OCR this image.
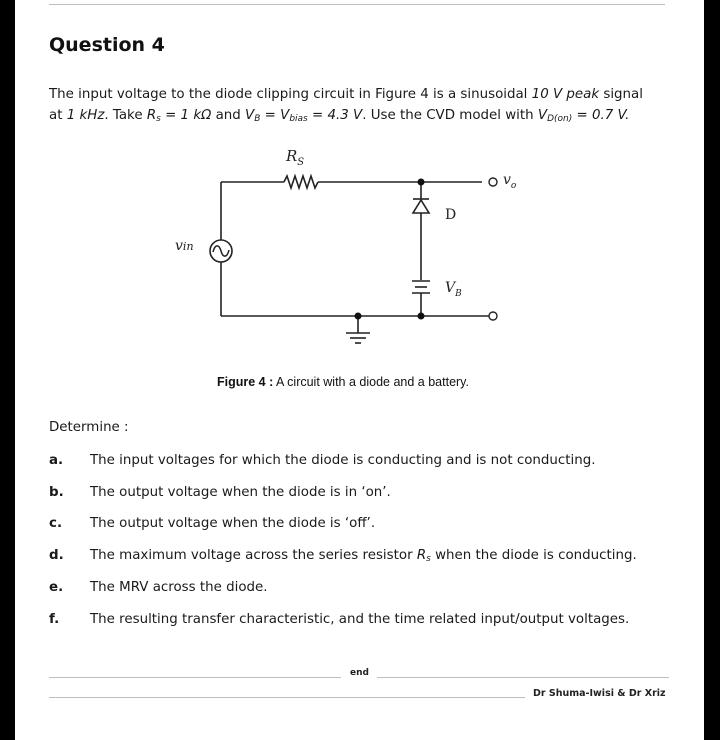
Question 4
The input voltage to the diode clipping circuit in Figure 4 is a sinusoidal 10 V peak signal
at 1 kHz. Take $R_s = 1$ kΩ and $V_B = V_{bias} = 4.3$ V. Use the CVD model with $V_{D(on)} = 0.7$ V.
$R_S$
vin
$v_o$
D
$V_B$
Figure 4 : A circuit with a diode and a battery.
Determine :
a. The input voltages for which the diode is conducting and is not conducting.
b. The output voltage when the diode is in ‘on’.
c. The output voltage when the diode is ‘off’.
d. The maximum voltage across the series resistor $R_s$ when the diode is conducting.
e. The MRV across the diode.
f. The resulting transfer characteristic, and the time related input/output voltages.
end
Dr Shuma-Iwisi & Dr Xriz
